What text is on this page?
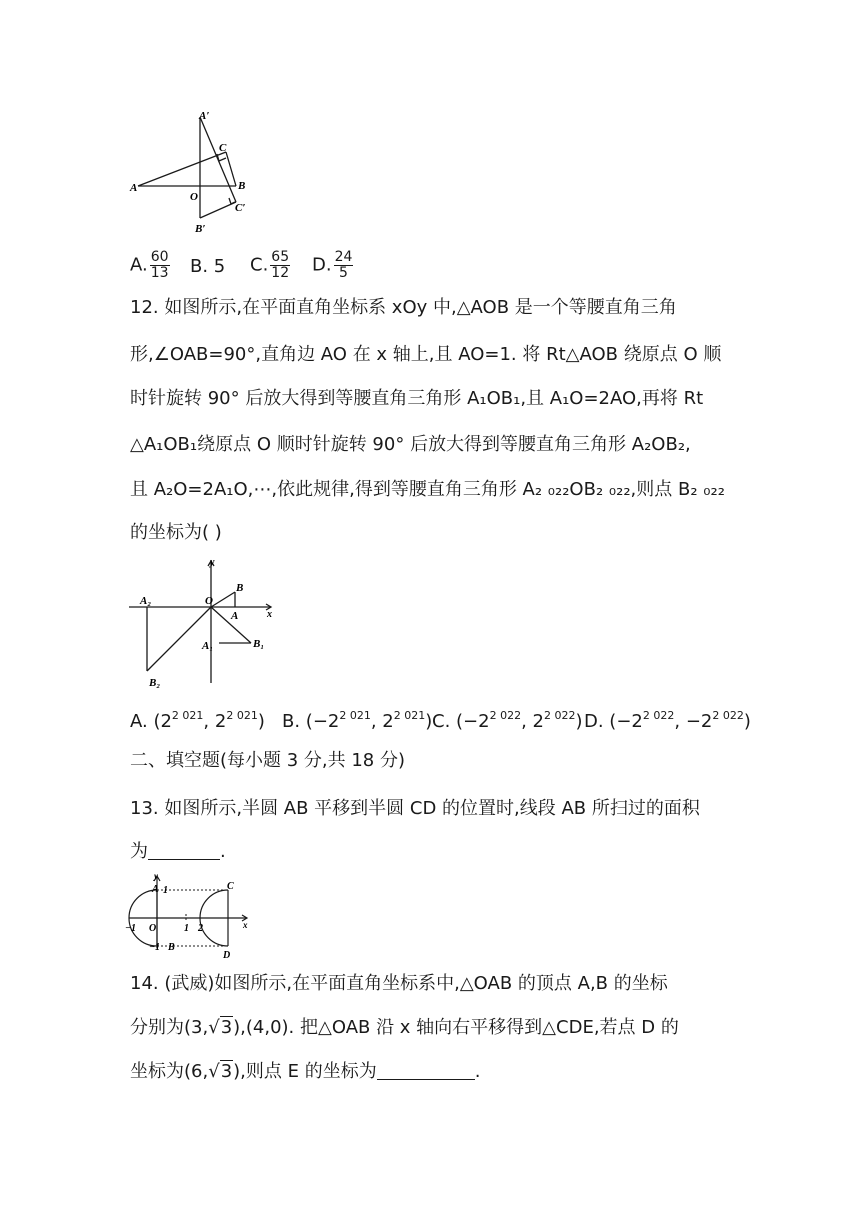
A′
C
A
O
B
C′
B′
A. $\frac{60}{13} B$. 5 C. $\frac{65}{12} D$. $\frac{24}{5}$
12. 如图所示,在平面直角坐标系 xOy 中,△AOB 是一个等腰直角三角
形,∠OAB=90°,直角边 AO 在 x 轴上,且 AO=1. 将 Rt△AOB 绕原点 O 顺
时针旋转 90° 后放大得到等腰直角三角形 A₁OB₁,且 A₁O=2AO,再将 Rt
△A₁OB₁绕原点 O 顺时针旋转 90° 后放大得到等腰直角三角形 A₂OB₂,
且 A₂O=2A₁O,⋯,依此规律,得到等腰直角三角形 A₂ ₀₂₂OB₂ ₀₂₂,则点 B₂ ₀₂₂
的坐标为( )
y
x
O
A
B
A₁	B₁
A₂
B₂
A. ($2^{2 021}$, $2^{2 021}$) B. ($-2^{2 021}$, $2^{2 021}$) C. ($-2^{2 022}$, $2^{2 022}$) D. ($-2^{2 022}$, $-2^{2 022}$)
二、填空题(每小题 3 分,共 18 分)
13. 如图所示,半圆 AB 平移到半圆 CD 的位置时,线段 AB 所扫过的面积
为	.
y
A 1	C
x
−1 O	1 2
−1 B
D
14. (武威)如图所示,在平面直角坐标系中,△OAB 的顶点 A,B 的坐标
分别为(3,√3),(4,0). 把△OAB 沿 x 轴向右平移得到△CDE,若点 D 的
坐标为(6,√3),则点 E 的坐标为	.
